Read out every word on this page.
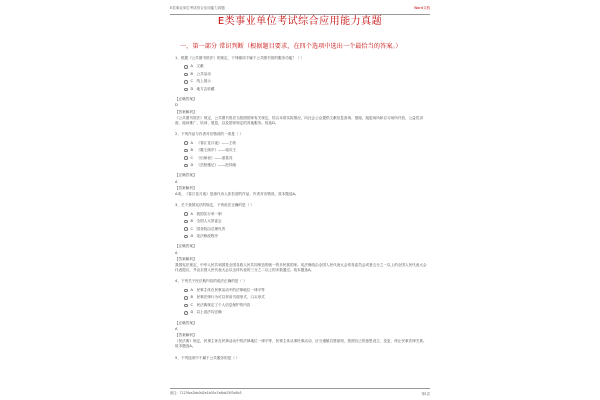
E类事业单位考试综合应用能力真题	Word文档
E类事业单位考试综合应用能力真题
一、第一部分 常识判断（根据题目要求，在四个选项中选出一个最恰当的答案。）

1、根据《公共图书馆法》的规定，下列哪项不属于公共图书馆的服务功能？（ ）

A 文献
B 公共活动
C 线上展示
D 地方志收藏
【正确答案】
D
【答案解析】
《公共图书馆法》规定，公共图书馆应当按照国家有关规定，结合本馆实际情况，向社会公众提供文献信息查询、借阅，阅览场所和自习场所开放，公益性讲座、阅读推广、培训、展览，以及国家规定的其他服务。故选D。

2、下列作品与作者对应错误的一项是（ ）

A 《春江花月夜》——王勃
B 《滕王阁序》——骆宾王
C 《出师表》——诸葛亮
D 《岳阳楼记》——范仲淹
【正确答案】
A
【答案解析】
A项，《春江花月夜》是唐代诗人张若虚的作品，作者对应错误，故本题选A。

3、关于我国宪法的规定，下列说法正确的是（ ）

A 我国实行单一制
B 全国人大常委会
C 国务院由总理负责
D 宪法修改程序
【正确答案】
A
【答案解析】
我国宪法规定，中华人民共和国是全国各族人民共同缔造的统一的多民族国家。宪法修改由全国人民代表大会常务委员会或者五分之一以上的全国人民代表大会代表提议，并由全国人民代表大会以全体代表的三分之二以上的多数通过。故本题选A。

4、下列关于民法典内容的说法正确的是（ ）

A 民事主体在民事活动中的法律地位一律平等
B 民事法律行为可以采用书面形式、口头形式
C 民法典规定了个人信息保护的内容
D 以上说法均正确
【正确答案】
A
【答案解析】
《民法典》规定，民事主体在民事活动中的法律地位一律平等，民事主体从事民事活动，应当遵循自愿原则，按照自己的意思设立、变更、终止民事法律关系。故本题选A。

5、下列选项中不属于公共服务的是（ ）

备注：7123fca2bb0d2e1b05c7a6da25f3c6b3	第1页
